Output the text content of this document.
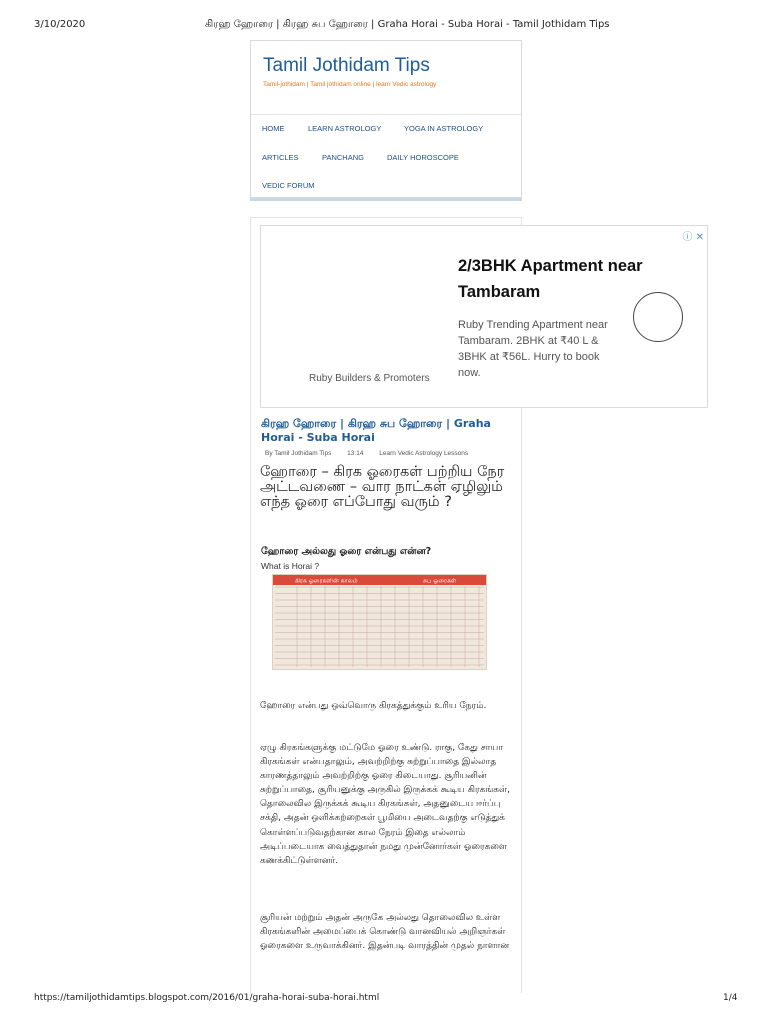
3/10/2020	கிரஹ ஹோரை | கிரஹ சுப ஹோரை | Graha Horai - Suba Horai - Tamil Jothidam Tips
https://tamiljothidamtips.blogspot.com/2016/01/graha-horai-suba-horai.html	1/4
Tamil Jothidam Tips
Tamil-jothidam | Tamil jothidam online | learn Vedic astrology
HOME	LEARN ASTROLOGY	YOGA IN ASTROLOGY
ARTICLES	PANCHANG	DAILY HOROSCOPE
VEDIC FORUM
ⓘ ✕
2/3BHK Apartment near Tambaram
Ruby Trending Apartment near Tambaram. 2BHK at ₹40 L & 3BHK at ₹56L. Hurry to book now.
Ruby Builders & Promoters
கிரஹ ஹோரை | கிரஹ சுப ஹோரை | Graha Horai - Suba Horai
By Tamil Jothidam Tips 13:14 Learn Vedic Astrology Lessons
ஹோரை – கிரக ஓரைகள் பற்றிய நேர அட்டவணை – வார நாட்கள் ஏழிலும் எந்த ஓரை எப்போது வரும் ?
ஹோரை அல்லது ஓரை என்பது என்ன?
What is Horai ?
கிரக ஓரைகளின் காலம்	சுப ஓரைகள்
ஹோரை என்பது ஒவ்வொரு கிரகத்துக்கும் உரிய நேரம்.
ஏழு கிரகங்களுக்கு மட்டுமே ஓரை உண்டு. ராகு, கேது சாயா கிரகங்கள் என்பதாலும், அவற்றிற்கு சுற்றுப்பாதை இல்லாத காரணத்தாலும் அவற்றிற்கு ஓரை கிடையாது. சூரியனின் சுற்றுப்பாதை, சூரியனுக்கு அருகில் இருக்கக் கூடிய கிரகங்கள், தொலைவில இருக்கக் கூடிய கிரகங்கள், அதனுடைய ஈர்ப்பு சக்தி, அதன் ஒளிக்கற்றைகள் பூமியை அடைவதற்கு எடுத்துக் கொள்ளப்படுவதற்கான கால நேரம் இதை எல்லாம் அடிப்படையாக வைத்துதான் நமது முன்னோர்கள் ஓரைகளை கணக்கிட்டுள்ளனர்.
சூரியன் மற்றும் அதன் அருகே அல்லது தொலைவில உள்ள கிரகங்களின் அமைப்பைக் கொண்டு வானவியல் அறிஞர்கள் ஓரைகளை உருவாக்கினர். இதன்படி வாரத்தின் முதல் நாளான
